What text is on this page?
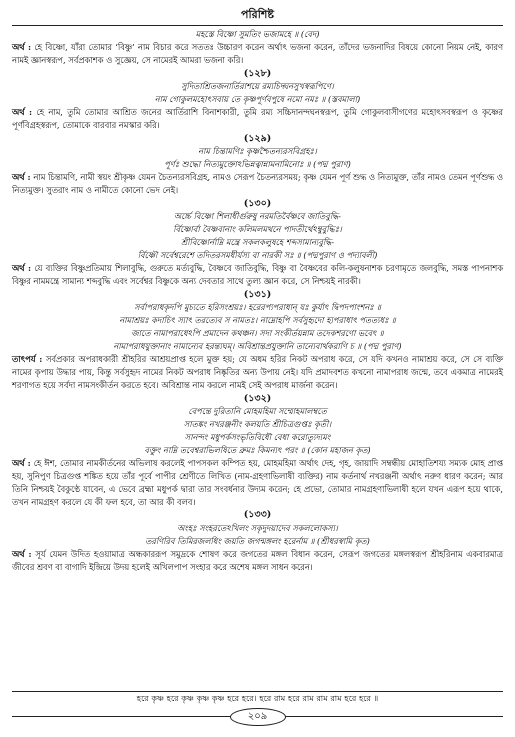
পরিশিষ্ট
মহস্তে বিষ্ণো সুমতিং ভজামহে ॥ (বেদ)

অর্থ : হে বিষ্ণো, যাঁরা তোমার ‘বিষ্ণু’ নাম বিচার করে সততঃ উচ্চারণ করেন অর্থাৎ ভজনা করেন, তাঁদের ভজনাদির বিষয়ে কোনো নিয়ম নেই, কারণ নামই জ্ঞানস্বরূপ, সর্বপ্রকাশক ও সুজ্ঞেয়, সে নামেরই আমরা ভজনা করি।

(১২৮)
সুদিতাশ্রিতজনার্তিরাশয়ে রম্যচিদ্ঘনসুখস্বরূপিণে।
নাম গোকুলমহোৎসবায় তে কৃষ্ণপূর্ণবপুষে নমো নমঃ ॥ (স্তবমালা)

অর্থ : হে নাম, তুমি তোমার আশ্রিত জনের আর্তিরাশি বিনাশকারী, তুমি রম্য সচ্চিদানন্দঘনস্বরূপ, তুমি গোকুলবাসীগণের মহোৎসবস্বরূপ ও কৃষ্ণের পূর্ণবিগ্রহস্বরূপ, তোমাকে বারবার নমস্কার করি।

(১২৯)
নাম চিন্তামণিঃ কৃষ্ণশ্চৈতন্যরসবিগ্রহঃ।
পূর্ণঃ শুদ্ধো নিত্যমুক্তোঽভিন্নত্বান্নামনামিনোঃ ॥ (পদ্ম পুরাণ)

অর্থ : নাম চিন্তামণি, নামী স্বয়ং শ্রীকৃষ্ণ যেমন চৈতন্যরসবিগ্রহ, নামও সেরূপ চৈতন্যরসময়; কৃষ্ণ যেমন পূর্ণ শুদ্ধ ও নিত্যমুক্ত, তাঁর নামও তেমন পূর্ণশুদ্ধ ও নিত্যমুক্ত। সুতরাং নাম ও নামীতে কোনো ভেদ নেই।

(১৩০)
অর্চ্চে বিষ্ণো শিলাধীর্গুরুষু নরমতির্বৈষ্ণবে জাতিবুদ্ধি-
র্বিষ্ণোর্বা বৈষ্ণবানাং কলিমলমথনে পাদতীর্থেঽম্বুবুদ্ধিঃ।
শ্রীবিষ্ণোর্নাম্নি মন্ত্রে সকলকলুষহে শব্দসামান্যবুদ্ধি-
র্বিষ্ণৌ সর্বেশ্বরেশে তদিতরসমধীর্যস্য বা নারকী সঃ ॥ (পদ্মপুরাণ ও পদ্যাবলী)

অর্থ : যে ব্যক্তির বিষ্ণুপ্রতিমায় শিলাবুদ্ধি, গুরুতে মর্ত্যবুদ্ধি, বৈষ্ণবে জাতিবুদ্ধি, বিষ্ণু বা বৈষ্ণবের কলি-কলুষনাশক চরণামৃতে জলবুদ্ধি, সমস্ত পাপনাশক বিষ্ণুর নামমন্ত্রে সামান্য শব্দবুদ্ধি এবং সর্বেশ্বর বিষ্ণুকে অন্য দেবতার সাথে তুল্য জ্ঞান করে, সে নিশ্চয়ই নারকী।

(১৩১)
সর্বাপরাধকৃদপি মুচ্যতে হরিসংশ্রয়ঃ। হরেরপ্যপরাধান্ যঃ কুর্যাৎ দ্বিপদপাংশনঃ ॥
নামাশ্রয়ঃ কদাচিৎ স্যাৎ তরত্যেব স নামতঃ। নাম্নোহপি সর্বসুহৃদো হ্যপরাধাৎ পতত্যধঃ ॥
জাতে নামাপরাধেঽপি প্রমাদেন কথঞ্চন। সদা সংকীর্তয়ন্নাম তদেকশরণো ভবেৎ ॥
নামাপরাধযুক্তানাং নামান্যেব হরন্ত্যঘম্। অবিশ্রান্তপ্রযুক্তানি তান্যেবার্থকরাণি চ ॥ (পদ্ম পুরাণ)

তাৎপর্য : সর্বপ্রকার অপরাধকারী শ্রীহরির আশ্রয়প্রাপ্ত হলে মুক্ত হয়; যে অধম হরির নিকট অপরাধ করে, সে যদি কখনও নামাশ্রয় করে, সে সে ব্যক্তি নামের কৃপায় উদ্ধার পায়, কিন্তু সর্বসুহৃদ নামের নিকট অপরাধ নিষ্কৃতির অন্য উপায় নেই। যদি প্রমাদবশত কখনো নামাপরাধ জন্মে, তবে একমাত্র নামেরই শরণাগত হয়ে সর্বদা নামসংকীর্তন করতে হবে। অবিশ্রান্ত নাম করলে নামই সেই অপরাধ মার্জনা করেন।

(১৩২)
বেপন্তে দুরিতানি মোহমহিমা সম্মোহমালম্বতে
সাতঙ্কং নখরঞ্জনীং কলয়তি শ্রীচিত্রগুপ্তঃ কৃতী।
সানন্দং মধুপর্কসংভৃতিবিধৌ বেধা করোত্যুদ্যমং
বক্তুং নাম্নি তবেশ্বরাভিলষিতে ব্রুমঃ কিমন্যৎ পরং ॥ (কোন মহাজন কৃত)

অর্থ : হে ঈশ, তোমার নামকীর্তনের অভিলাষ করলেই পাপসকল কম্পিত হয়, মোহমহিমা অর্থাৎ দেহ, গৃহ, জায়াদি সম্বন্ধীয় মোহাতিশয্য সম্যক মোহ প্রাপ্ত হয়, সুনিপুণ চিত্রগুপ্ত শঙ্কিত হয়ে তাঁর পূর্বে পাপীর শ্রেণীতে লিখিত (নাম-গ্রহণাভিলাষী ব্যক্তির) নাম কর্তনার্থ নখরঞ্জনী অর্থাৎ নরুণ ধারণ করেন; আর তিনি নিশ্চয়ই বৈকুণ্ঠে যাবেন, এ ভেবে ব্রহ্মা মধুপর্ক দ্বারা তার সংবর্ধনার উদ্যম করেন; হে প্রভো, তোমার নামগ্রহণাভিলাষী হলে যখন এরূপ হয়ে থাকে, তখন নামগ্রহণ করলে যে কী ফল হবে, তা আর কী বলব।

(১৩৩)
অংহঃ সংহরতেঽখিলং সকৃদুদয়াদেব সকললোকস্য।
তরণিরিব তিমিরজলধিং জয়তি জগন্মঙ্গলং হরের্নাম ॥ (শ্রীধরস্বামি কৃত)

অর্থ : সূর্য যেমন উদিত হওয়ামাত্র অন্ধকাররূপ সমুদ্রকে শোষণ করে জগতের মঙ্গল বিধান করেন, সেরূপ জগতের মঙ্গলস্বরূপ শ্রীহরিনাম একবারমাত্র জীবের শ্রবণ বা বাগাদি ইন্দ্রিয়ে উদয় হলেই অখিলপাপ সংহার করে অশেষ মঙ্গল সাধন করেন।

হরে কৃষ্ণ হরে কৃষ্ণ কৃষ্ণ কৃষ্ণ হরে হরে। হরে রাম হরে রাম রাম রাম হরে হরে ॥
২০৯
